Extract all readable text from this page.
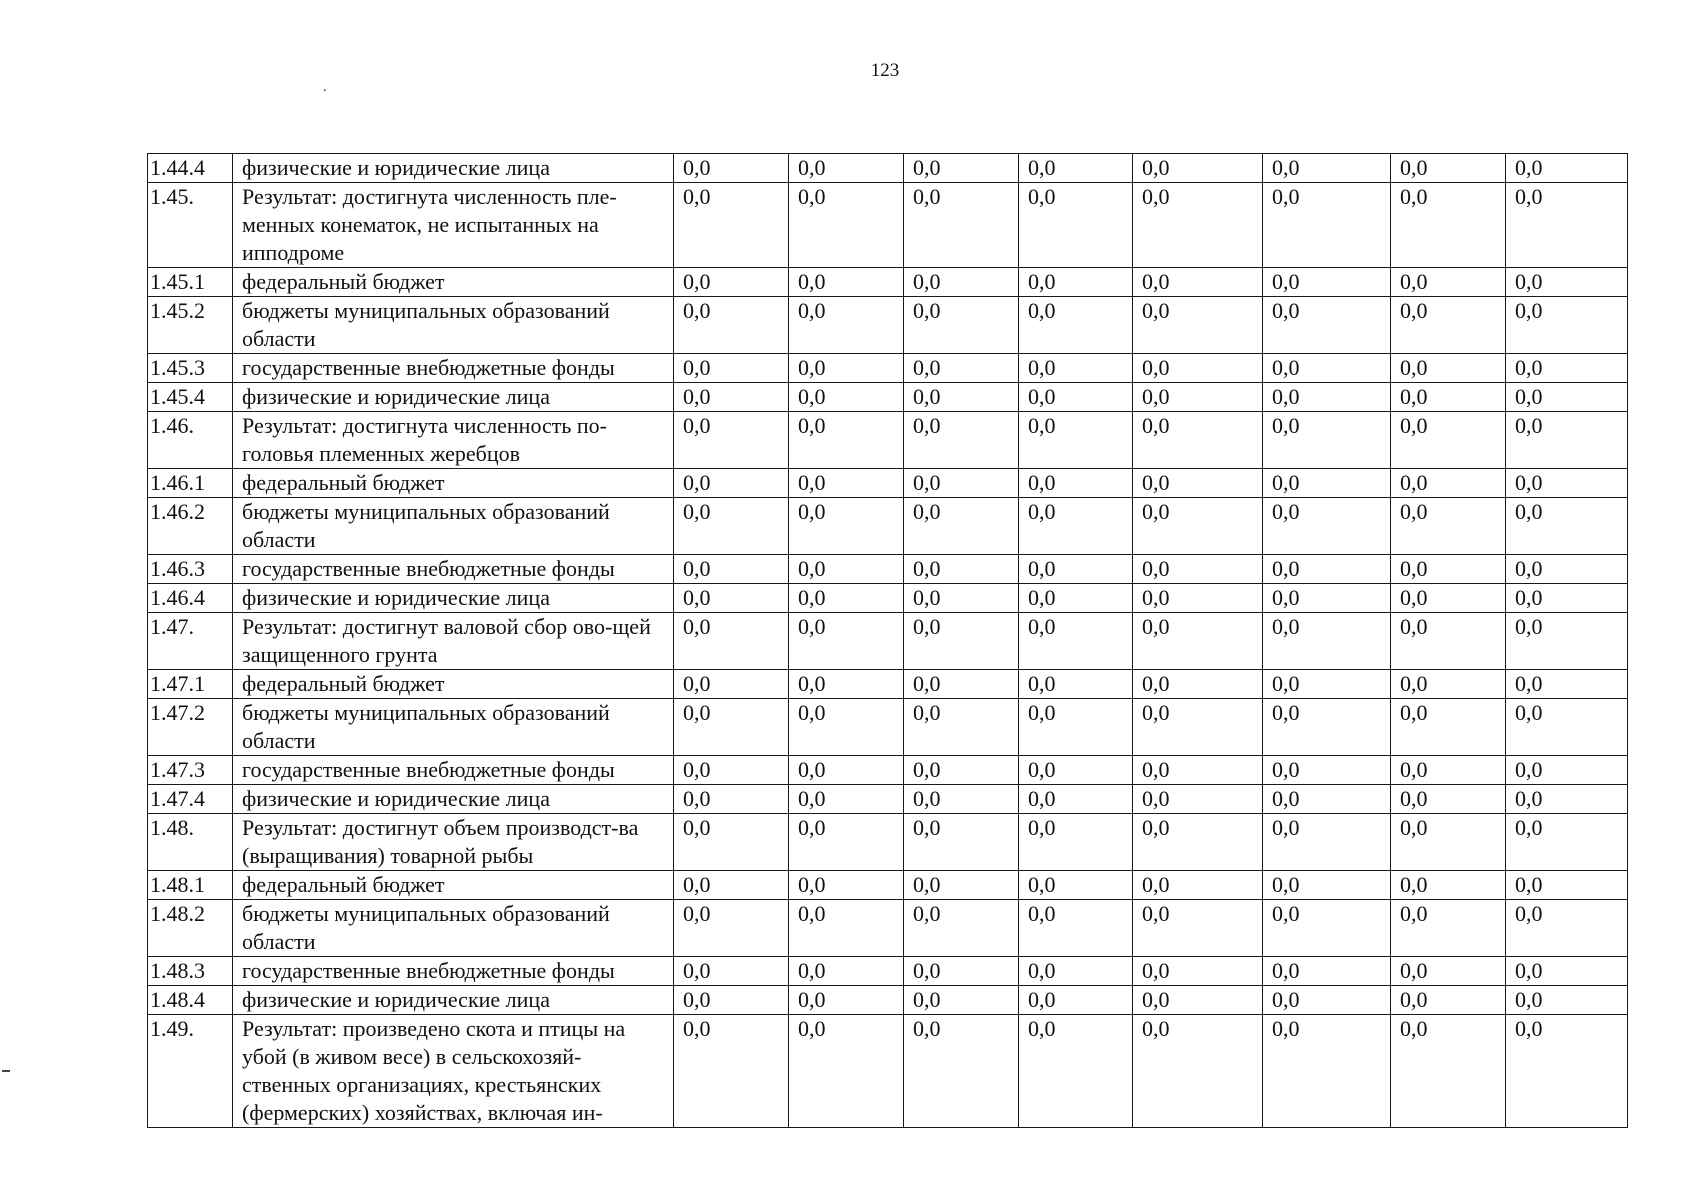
123
.
1.44.4	физические и юридические лица	0,0	0,0	0,0	0,0	0,0	0,0	0,0	0,0
1.45.	Результат: достигнута численность пле-менных конематок, не испытанных на ипподроме	0,0	0,0	0,0	0,0	0,0	0,0	0,0	0,0
1.45.1	федеральный бюджет	0,0	0,0	0,0	0,0	0,0	0,0	0,0	0,0
1.45.2	бюджеты муниципальных образований области	0,0	0,0	0,0	0,0	0,0	0,0	0,0	0,0
1.45.3	государственные внебюджетные фонды	0,0	0,0	0,0	0,0	0,0	0,0	0,0	0,0
1.45.4	физические и юридические лица	0,0	0,0	0,0	0,0	0,0	0,0	0,0	0,0
1.46.	Результат: достигнута численность по-головья племенных жеребцов	0,0	0,0	0,0	0,0	0,0	0,0	0,0	0,0
1.46.1	федеральный бюджет	0,0	0,0	0,0	0,0	0,0	0,0	0,0	0,0
1.46.2	бюджеты муниципальных образований области	0,0	0,0	0,0	0,0	0,0	0,0	0,0	0,0
1.46.3	государственные внебюджетные фонды	0,0	0,0	0,0	0,0	0,0	0,0	0,0	0,0
1.46.4	физические и юридические лица	0,0	0,0	0,0	0,0	0,0	0,0	0,0	0,0
1.47.	Результат: достигнут валовой сбор ово-щей защищенного грунта	0,0	0,0	0,0	0,0	0,0	0,0	0,0	0,0
1.47.1	федеральный бюджет	0,0	0,0	0,0	0,0	0,0	0,0	0,0	0,0
1.47.2	бюджеты муниципальных образований области	0,0	0,0	0,0	0,0	0,0	0,0	0,0	0,0
1.47.3	государственные внебюджетные фонды	0,0	0,0	0,0	0,0	0,0	0,0	0,0	0,0
1.47.4	физические и юридические лица	0,0	0,0	0,0	0,0	0,0	0,0	0,0	0,0
1.48.	Результат: достигнут объем производст-ва (выращивания) товарной рыбы	0,0	0,0	0,0	0,0	0,0	0,0	0,0	0,0
1.48.1	федеральный бюджет	0,0	0,0	0,0	0,0	0,0	0,0	0,0	0,0
1.48.2	бюджеты муниципальных образований области	0,0	0,0	0,0	0,0	0,0	0,0	0,0	0,0
1.48.3	государственные внебюджетные фонды	0,0	0,0	0,0	0,0	0,0	0,0	0,0	0,0
1.48.4	физические и юридические лица	0,0	0,0	0,0	0,0	0,0	0,0	0,0	0,0
1.49.	Результат: произведено скота и птицы на убой (в живом весе) в сельскохозяй-ственных организациях, крестьянских (фермерских) хозяйствах, включая ин-	0,0	0,0	0,0	0,0	0,0	0,0	0,0	0,0
